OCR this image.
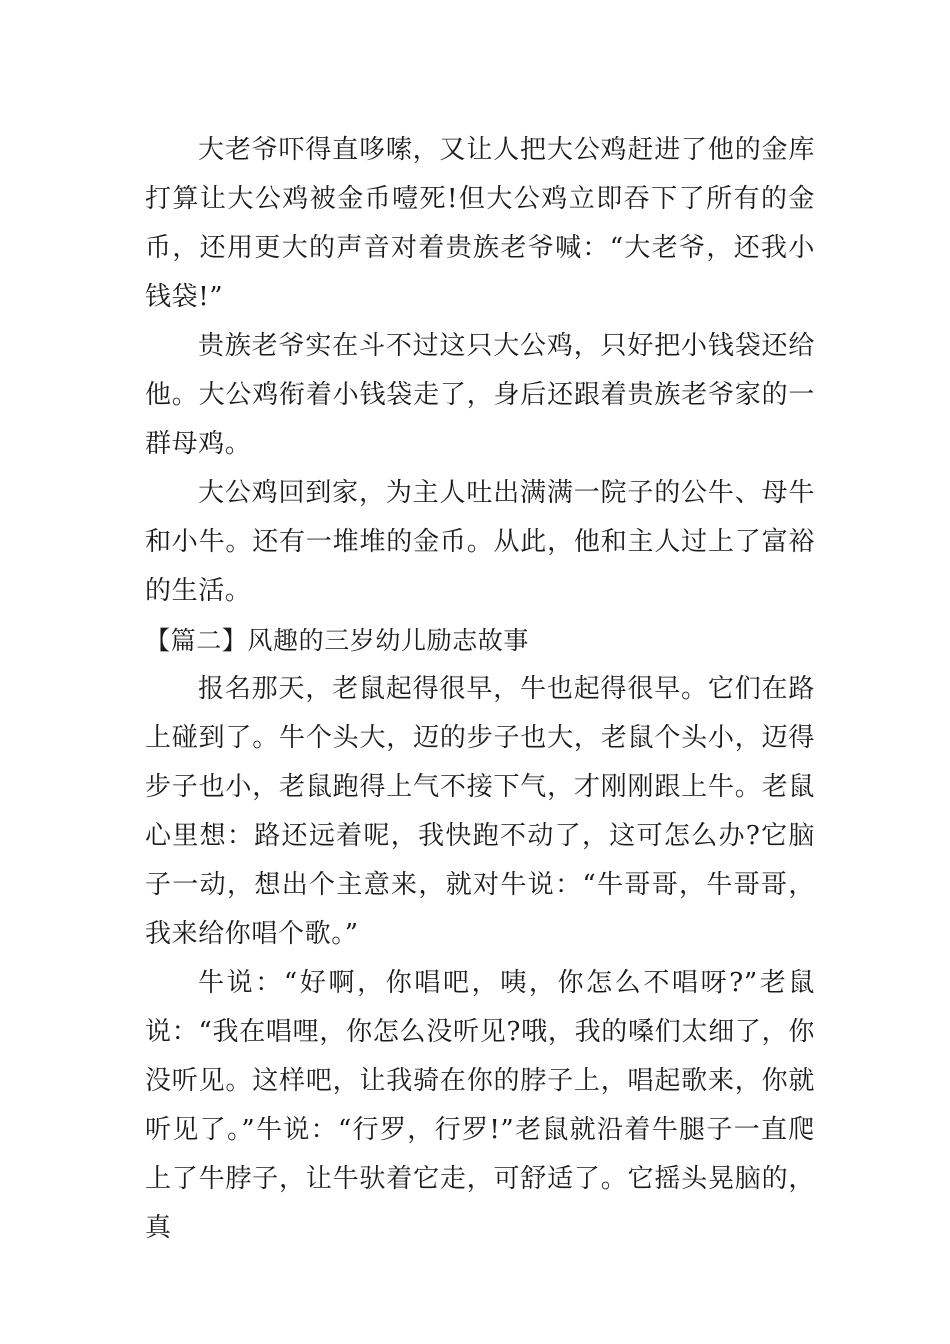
大老爷吓得直哆嗦，又让人把大公鸡赶进了他的金库打算让大公鸡被金币噎死!但大公鸡立即吞下了所有的金币，还用更大的声音对着贵族老爷喊：“大老爷，还我小钱袋!”

贵族老爷实在斗不过这只大公鸡，只好把小钱袋还给他。大公鸡衔着小钱袋走了，身后还跟着贵族老爷家的一群母鸡。

大公鸡回到家，为主人吐出满满一院子的公牛、母牛和小牛。还有一堆堆的金币。从此，他和主人过上了富裕的生活。

【篇二】风趣的三岁幼儿励志故事

报名那天，老鼠起得很早，牛也起得很早。它们在路上碰到了。牛个头大，迈的步子也大，老鼠个头小，迈得步子也小，老鼠跑得上气不接下气，才刚刚跟上牛。老鼠心里想：路还远着呢，我快跑不动了，这可怎么办?它脑子一动，想出个主意来，就对牛说：“牛哥哥，牛哥哥，我来给你唱个歌。”

牛说：“好啊，你唱吧，咦，你怎么不唱呀?”老鼠说：“我在唱哩，你怎么没听见?哦，我的嗓们太细了，你没听见。这样吧，让我骑在你的脖子上，唱起歌来，你就听见了。”牛说：“行罗，行罗!”老鼠就沿着牛腿子一直爬上了牛脖子，让牛驮着它走，可舒适了。它摇头晃脑的，真
